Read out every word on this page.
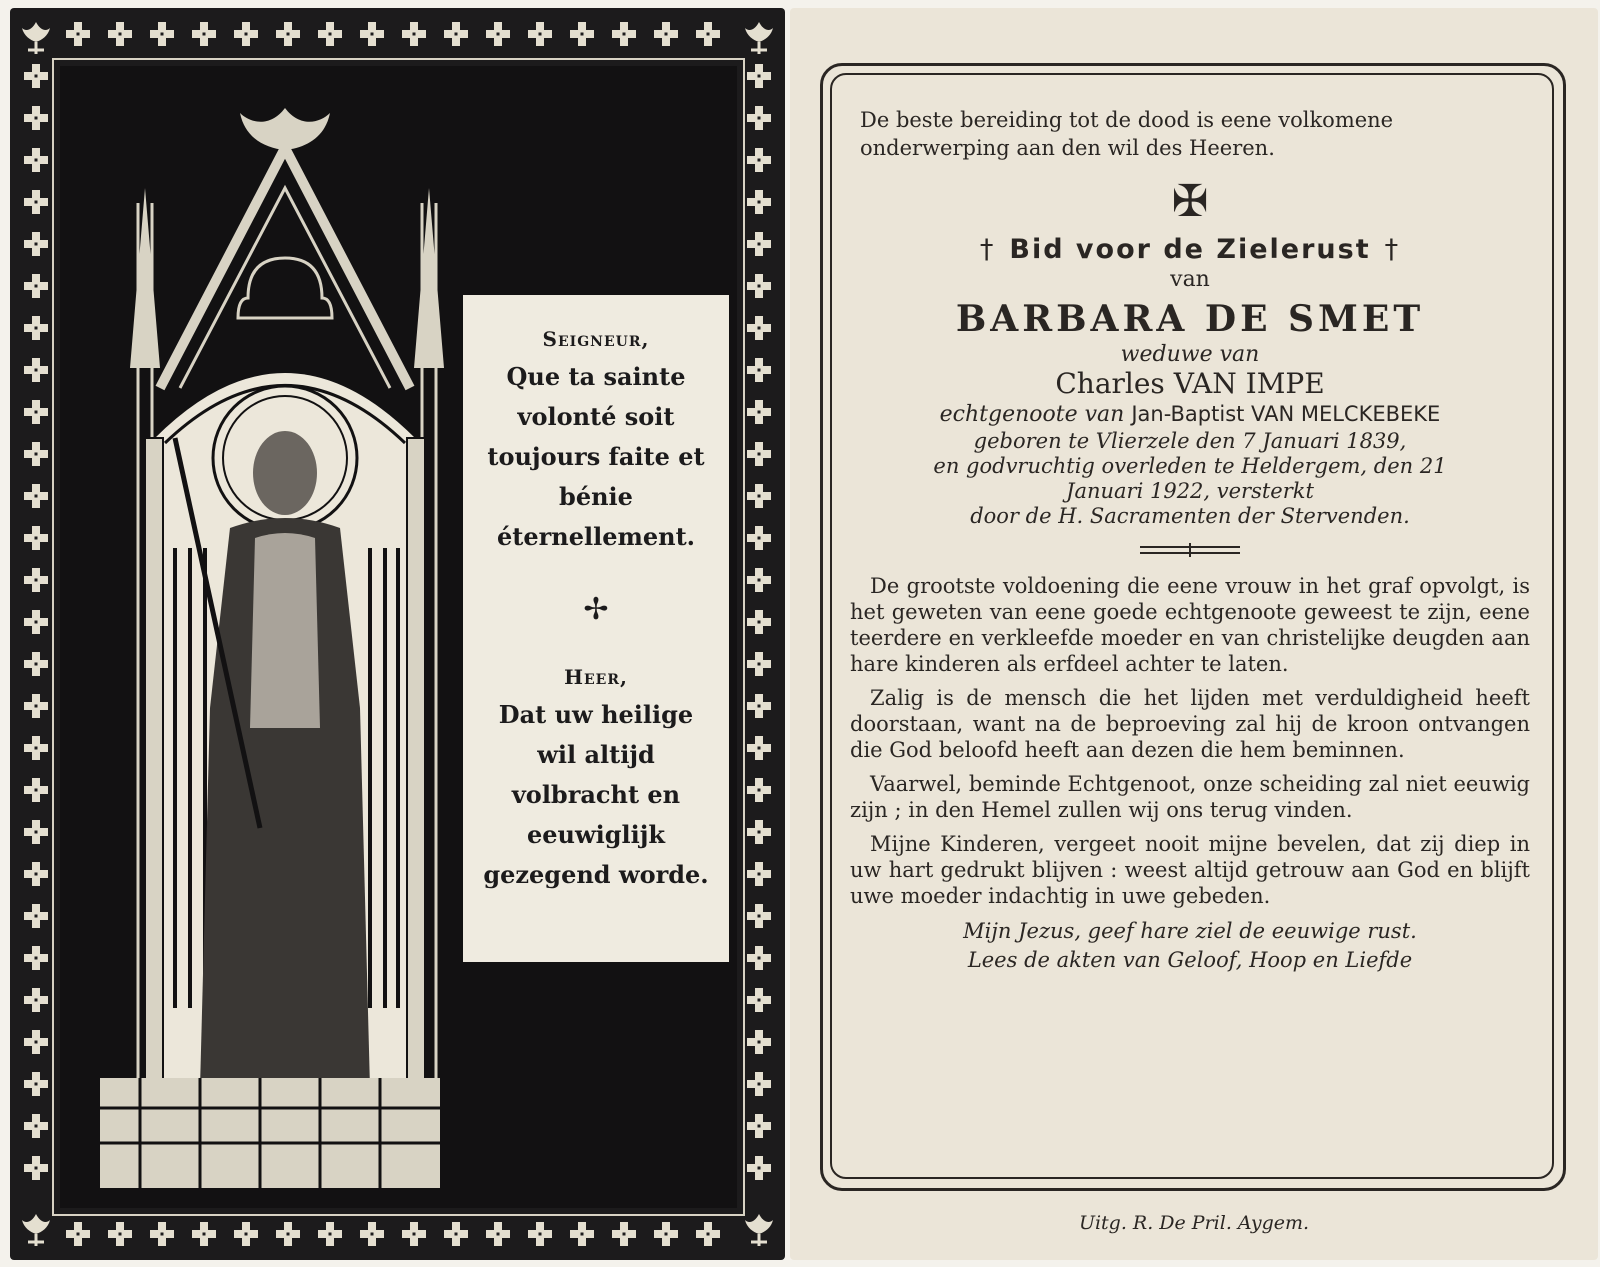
Seigneur,

Que ta sainte

volonté soit

toujours faite et

bénie

éternellement.

✢

Heer,

Dat uw heilige

wil altijd

volbracht en

eeuwiglijk

gezegend worde.

De beste bereiding tot de dood is eene volkomene
onderwerping aan den wil des Heeren.

✠

† Bid voor de Zielerust †

van

BARBARA DE SMET

weduwe van

Charles VAN IMPE

echtgenoote van Jan-Baptist VAN MELCKEBEKE

geboren te Vlierzele den 7 Januari 1839,
en godvruchtig overleden te Heldergem, den 21
Januari 1922, versterkt
door de H. Sacramenten der Stervenden.

De grootste voldoening die eene vrouw in het graf opvolgt, is het geweten van eene goede echtgenoote geweest te zijn, eene teerdere en verkleefde moeder en van christelijke deugden aan hare kinderen als erfdeel achter te laten.

Zalig is de mensch die het lijden met verduldigheid heeft doorstaan, want na de beproeving zal hij de kroon ontvangen die God beloofd heeft aan dezen die hem beminnen.

Vaarwel, beminde Echtgenoot, onze scheiding zal niet eeuwig zijn ; in den Hemel zullen wij ons terug vinden.

Mijne Kinderen, vergeet nooit mijne bevelen, dat zij diep in uw hart gedrukt blijven : weest altijd getrouw aan God en blijft uwe moeder indachtig in uwe gebeden.

Mijn Jezus, geef hare ziel de eeuwige rust.
Lees de akten van Geloof, Hoop en Liefde

Uitg. R. De Pril. Aygem.
